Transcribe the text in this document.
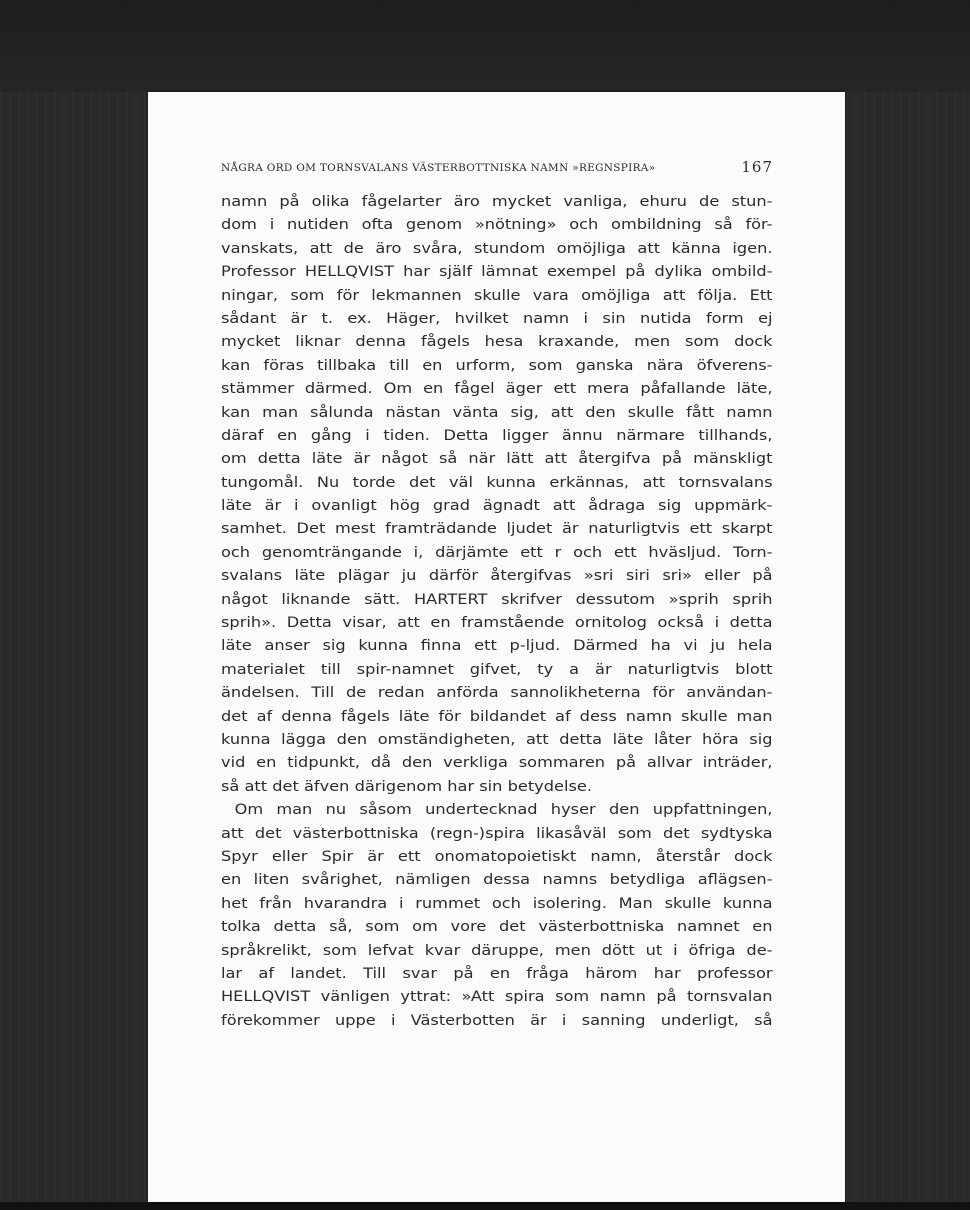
NÅGRA ORD OM TORNSVALANS VÄSTERBOTTNISKA NAMN »REGNSPIRA»	167
namn på olika fågelarter äro mycket vanliga, ehuru de stun-
dom i nutiden ofta genom »nötning» och ombildning så för-
vanskats, att de äro svåra, stundom omöjliga att känna igen.
Professor HELLQVIST har själf lämnat exempel på dylika ombild-
ningar, som för lekmannen skulle vara omöjliga att följa. Ett
sådant är t. ex. Häger, hvilket namn i sin nutida form ej
mycket liknar denna fågels hesa kraxande, men som dock
kan föras tillbaka till en urform, som ganska nära öfverens-
stämmer därmed. Om en fågel äger ett mera påfallande läte,
kan man sålunda nästan vänta sig, att den skulle fått namn
däraf en gång i tiden. Detta ligger ännu närmare tillhands,
om detta läte är något så när lätt att återgifva på mänskligt
tungomål. Nu torde det väl kunna erkännas, att tornsvalans
läte är i ovanligt hög grad ägnadt att ådraga sig uppmärk-
samhet. Det mest framträdande ljudet är naturligtvis ett skarpt
och genomträngande i, därjämte ett r och ett hväsljud. Torn-
svalans läte plägar ju därför återgifvas »sri siri sri» eller på
något liknande sätt. HARTERT skrifver dessutom »sprih sprih
sprih». Detta visar, att en framstående ornitolog också i detta
läte anser sig kunna finna ett p-ljud. Därmed ha vi ju hela
materialet till spir-namnet gifvet, ty a är naturligtvis blott
ändelsen. Till de redan anförda sannolikheterna för användan-
det af denna fågels läte för bildandet af dess namn skulle man
kunna lägga den omständigheten, att detta läte låter höra sig
vid en tidpunkt, då den verkliga sommaren på allvar inträder,
så att det äfven därigenom har sin betydelse.
Om man nu såsom undertecknad hyser den uppfattningen,
att det västerbottniska (regn-)spira likasåväl som det sydtyska
Spyr eller Spir är ett onomatopoietiskt namn, återstår dock
en liten svårighet, nämligen dessa namns betydliga aflägsen-
het från hvarandra i rummet och isolering. Man skulle kunna
tolka detta så, som om vore det västerbottniska namnet en
språkrelikt, som lefvat kvar däruppe, men dött ut i öfriga de-
lar af landet. Till svar på en fråga härom har professor
HELLQVIST vänligen yttrat: »Att spira som namn på tornsvalan
förekommer uppe i Västerbotten är i sanning underligt, så
